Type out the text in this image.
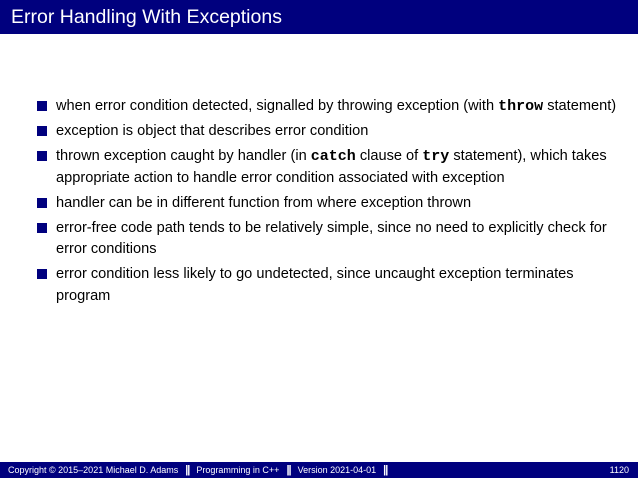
Error Handling With Exceptions
when error condition detected, signalled by throwing exception (with throw statement)
exception is object that describes error condition
thrown exception caught by handler (in catch clause of try statement), which takes appropriate action to handle error condition associated with exception
handler can be in different function from where exception thrown
error-free code path tends to be relatively simple, since no need to explicitly check for error conditions
error condition less likely to go undetected, since uncaught exception terminates program
Copyright © 2015–2021 Michael D. Adams || Programming in C++ || Version 2021-04-01 ||	1120
